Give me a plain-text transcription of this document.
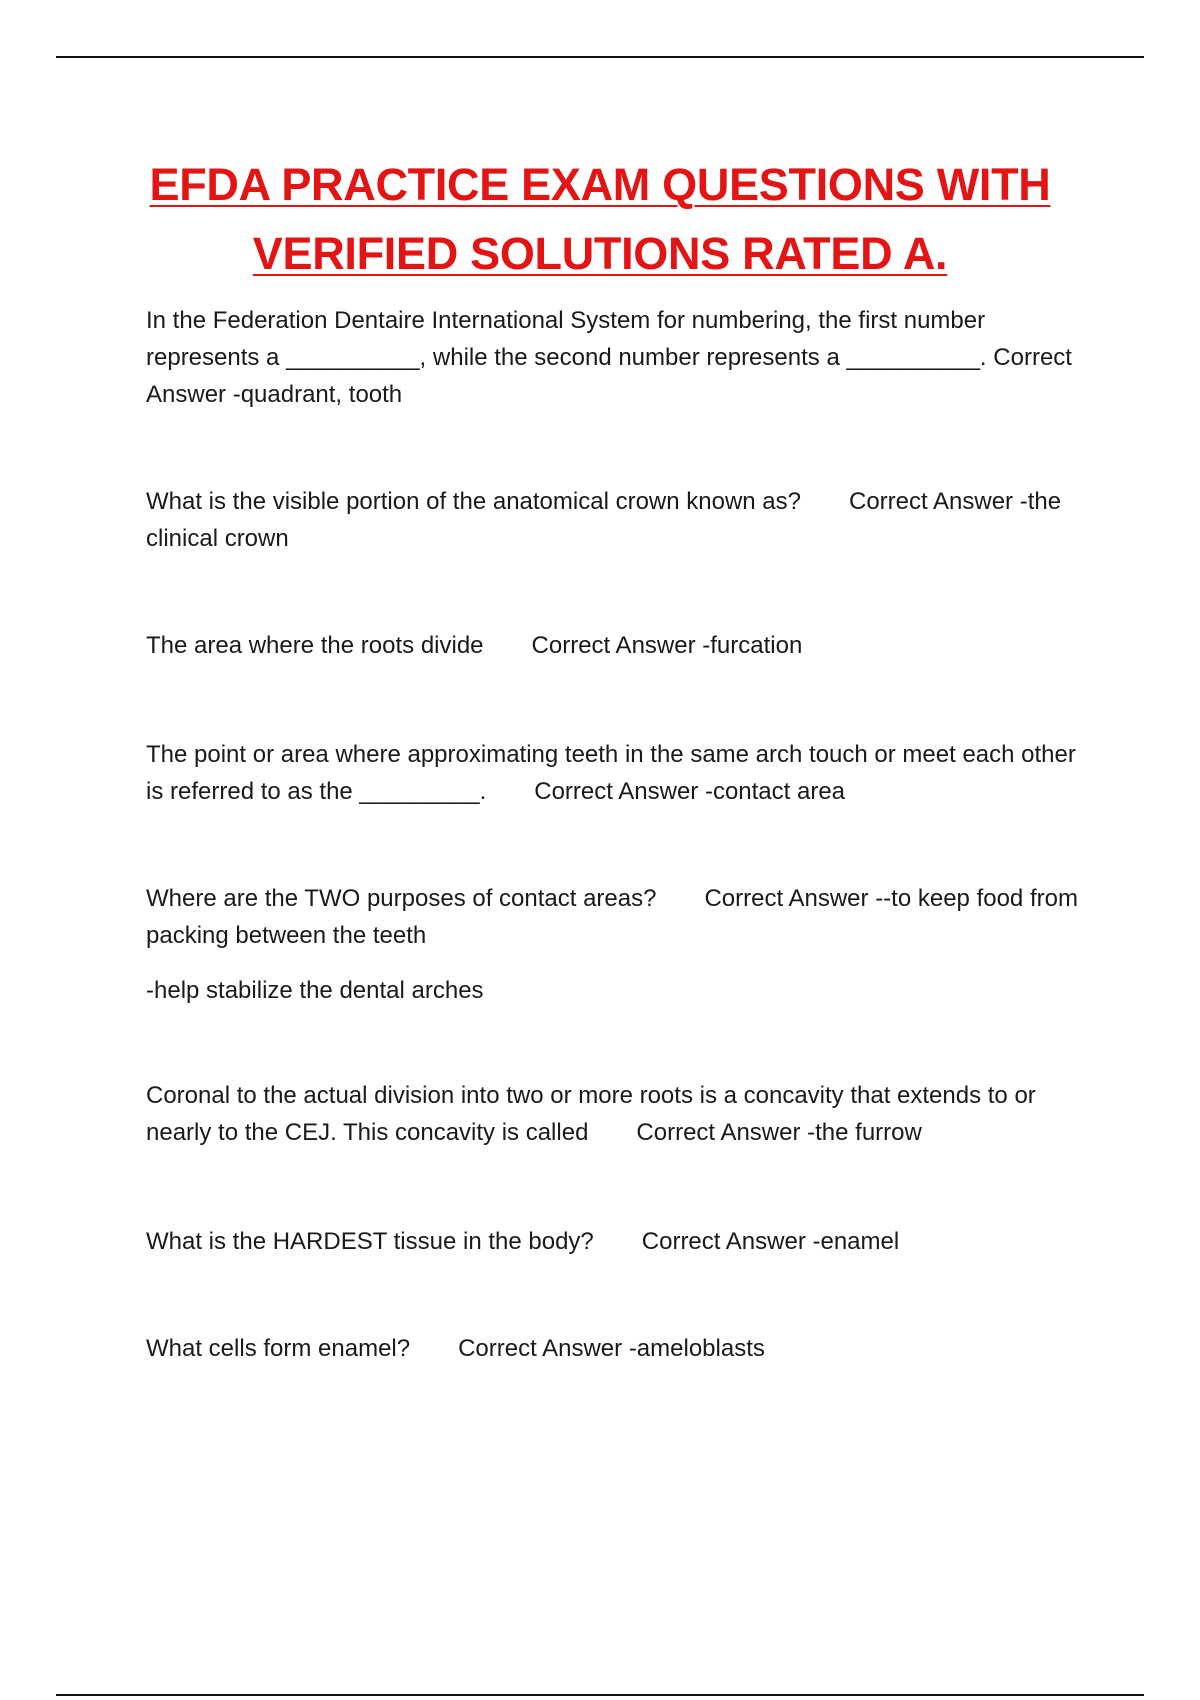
EFDA PRACTICE EXAM QUESTIONS WITH
VERIFIED SOLUTIONS RATED A.

In the Federation Dentaire International System for numbering, the first number represents a __________, while the second number represents a __________. Correct Answer -quadrant, tooth

What is the visible portion of the anatomical crown known as? Correct Answer -the clinical crown

The area where the roots divide Correct Answer -furcation

The point or area where approximating teeth in the same arch touch or meet each other is referred to as the _________. Correct Answer -contact area

Where are the TWO purposes of contact areas? Correct Answer --to keep food from packing between the teeth

-help stabilize the dental arches

Coronal to the actual division into two or more roots is a concavity that extends to or nearly to the CEJ. This concavity is called Correct Answer -the furrow

What is the HARDEST tissue in the body? Correct Answer -enamel

What cells form enamel? Correct Answer -ameloblasts
